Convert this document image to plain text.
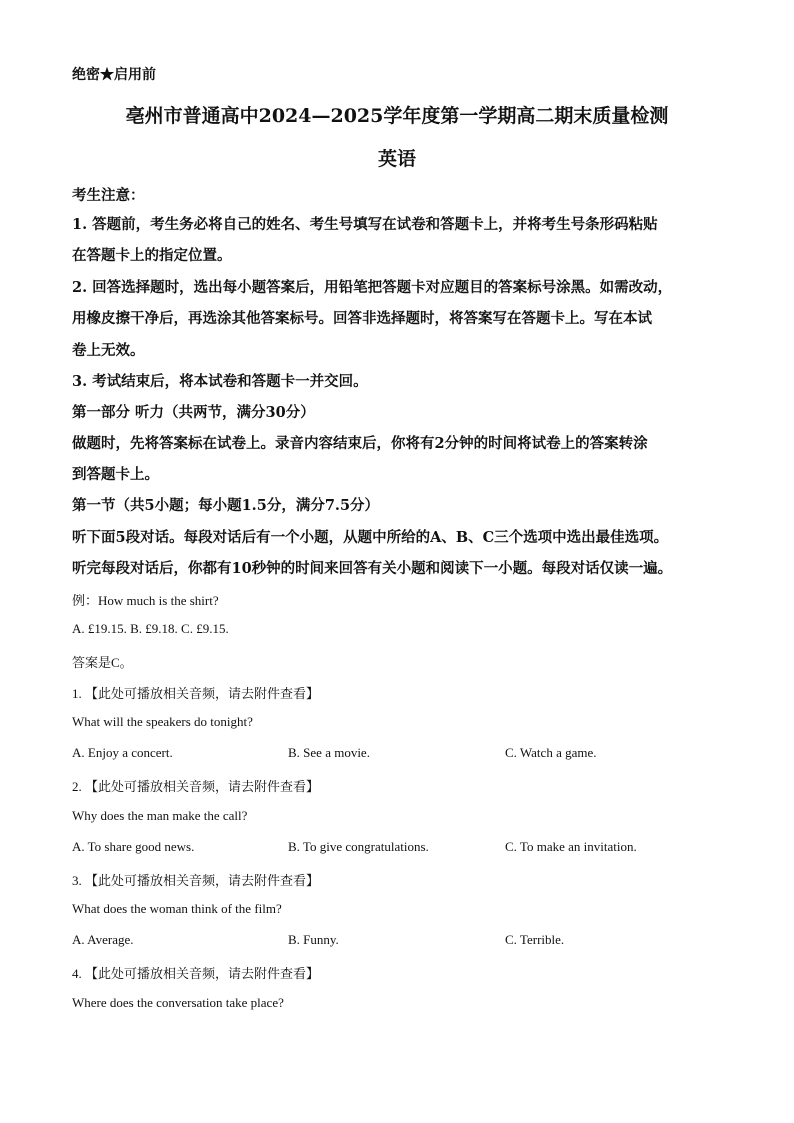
绝密★启用前
亳州市普通高中2024—2025学年度第一学期高二期末质量检测
英语
考生注意：
1. 答题前，考生务必将自己的姓名、考生号填写在试卷和答题卡上，并将考生号条形码粘贴
在答题卡上的指定位置。
2. 回答选择题时，选出每小题答案后，用铅笔把答题卡对应题目的答案标号涂黑。如需改动，
用橡皮擦干净后，再选涂其他答案标号。回答非选择题时，将答案写在答题卡上。写在本试
卷上无效。
3. 考试结束后，将本试卷和答题卡一并交回。
第一部分 听力（共两节，满分30分）
做题时，先将答案标在试卷上。录音内容结束后，你将有2分钟的时间将试卷上的答案转涂
到答题卡上。
第一节（共5小题；每小题1.5分，满分7.5分）
听下面5段对话。每段对话后有一个小题，从题中所给的A、B、C三个选项中选出最佳选项。
听完每段对话后，你都有10秒钟的时间来回答有关小题和阅读下一小题。每段对话仅读一遍。
例：How much is the shirt?
A. £19.15. B. £9.18. C. £9.15.
答案是C。
1. 【此处可播放相关音频，请去附件查看】
What will the speakers do tonight?
A. Enjoy a concert.	B. See a movie.	C. Watch a game.
2. 【此处可播放相关音频，请去附件查看】
Why does the man make the call?
A. To share good news.	B. To give congratulations.	C. To make an invitation.
3. 【此处可播放相关音频，请去附件查看】
What does the woman think of the film?
A. Average.	B. Funny.	C. Terrible.
4. 【此处可播放相关音频，请去附件查看】
Where does the conversation take place?
